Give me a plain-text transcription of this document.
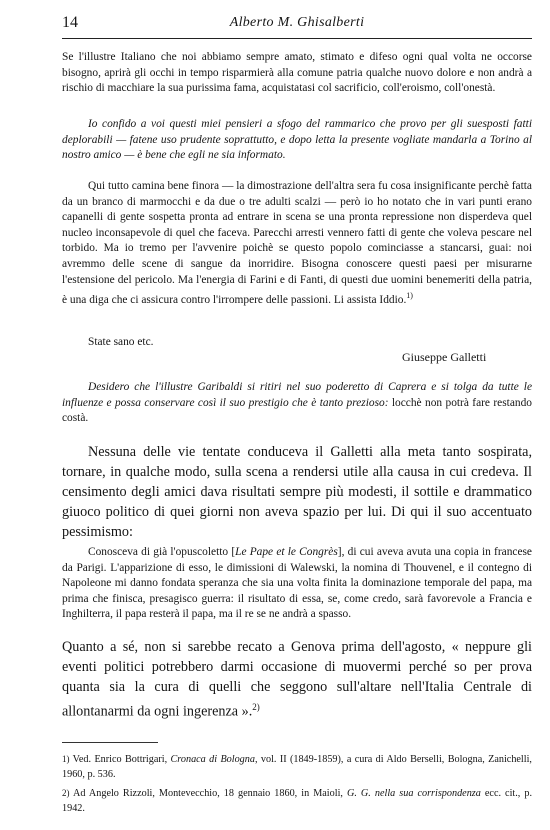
14	Alberto M. Ghisalberti

Se l'illustre Italiano che noi abbiamo sempre amato, stimato e difeso ogni qual volta ne occorse bisogno, aprirà gli occhi in tempo risparmierà alla comune patria qualche nuovo dolore e non andrà a rischio di macchiare la sua purissima fama, acquistatasi col sacrificio, coll'eroismo, coll'onestà.

Io confido a voi questi miei pensieri a sfogo del rammarico che provo per gli suesposti fatti deplorabili — fatene uso prudente soprattutto, e dopo letta la presente vogliate mandarla a Torino al nostro amico — è bene che egli ne sia informato.

Qui tutto camina bene finora — la dimostrazione dell'altra sera fu cosa insignificante perchè fatta da un branco di marmocchi e da due o tre adulti scalzi — però io ho notato che in vari punti erano capanelli di gente sospetta pronta ad entrare in scena se una pronta repressione non disperdeva quel nucleo inconsapevole di quel che faceva. Parecchi arresti vennero fatti di gente che voleva pescare nel torbido. Ma io tremo per l'avvenire poichè se questo popolo cominciasse a stancarsi, guai: noi avremmo delle scene di sangue da inorridire. Bisogna conoscere questi paesi per misurarne l'estensione del pericolo. Ma l'energia di Farini e di Fanti, di questi due uomini benemeriti della patria, è una diga che ci assicura contro l'irrompere delle passioni. Li assista Iddio.$^{1)}$

State sano etc.

Giuseppe Galletti

Desidero che l'illustre Garibaldi si ritiri nel suo poderetto di Caprera e si tolga da tutte le influenze e possa conservare così il suo prestigio che è tanto prezioso: locchè non potrà fare restando costà.

Nessuna delle vie tentate conduceva il Galletti alla meta tanto sospirata, tornare, in qualche modo, sulla scena a rendersi utile alla causa in cui credeva. Il censimento degli amici dava risultati sempre più modesti, il sottile e drammatico giuoco politico di quei giorni non aveva spazio per lui. Di qui il suo accentuato pessimismo:

Conosceva di già l'opuscoletto [Le Pape et le Congrès], di cui aveva avuta una copia in francese da Parigi. L'apparizione di esso, le dimissioni di Walewski, la nomina di Thouvenel, e il contegno di Napoleone mi danno fondata speranza che sia una volta finita la dominazione temporale del papa, ma prima che finisca, presagisco guerra: il risultato di essa, se, come credo, sarà favorevole a Francia e Inghilterra, il papa resterà il papa, ma il re se ne andrà a spasso.

Quanto a sé, non si sarebbe recato a Genova prima dell'agosto, « neppure gli eventi politici potrebbero darmi occasione di muovermi perché so per prova quanta sia la cura di quelli che seggono sull'altare nell'Italia Centrale di allontanarmi da ogni ingerenza ».$^{2)}$

1) Ved. Enrico Bottrigari, Cronaca di Bologna, vol. II (1849-1859), a cura di Aldo Berselli, Bologna, Zanichelli, 1960, p. 536.

2) Ad Angelo Rizzoli, Montevecchio, 18 gennaio 1860, in Maioli, G. G. nella sua corrispondenza ecc. cit., p. 1942.
